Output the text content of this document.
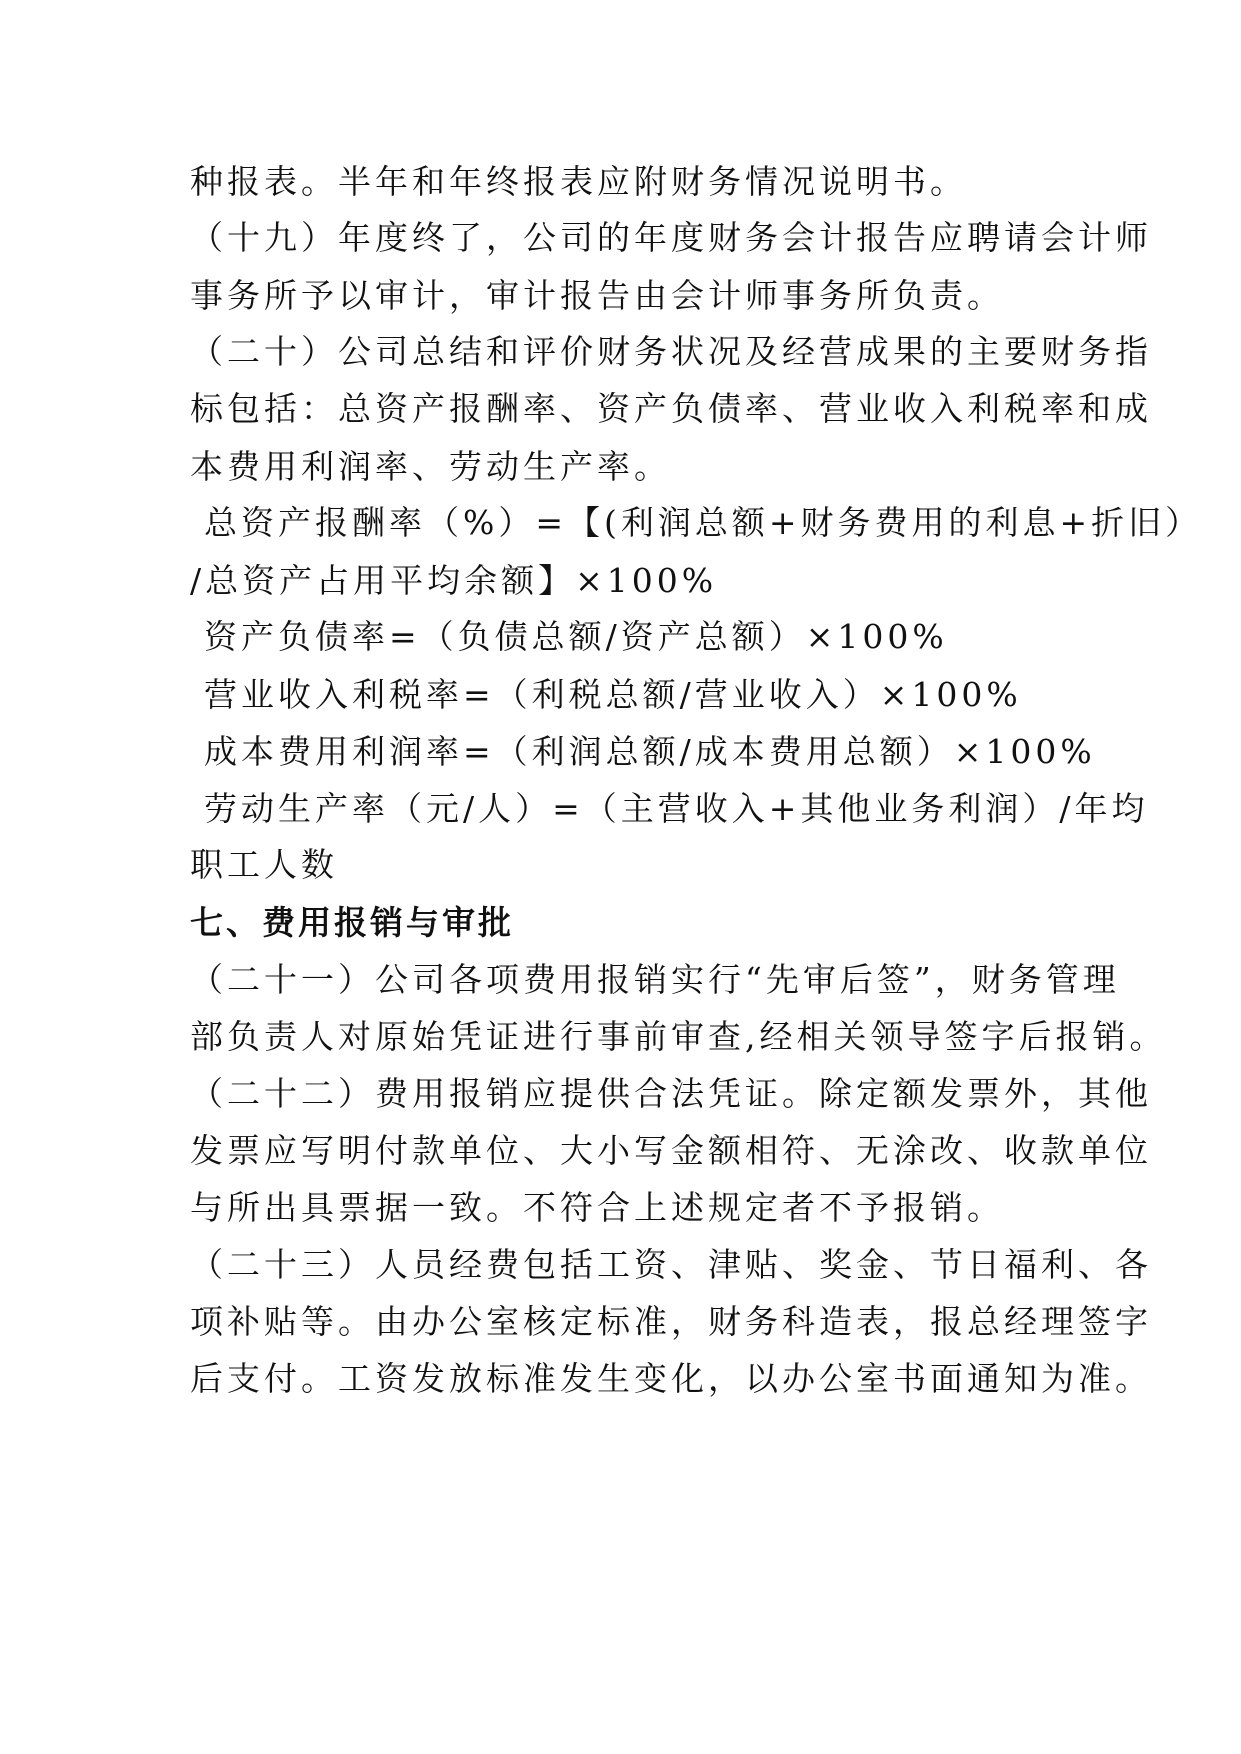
种报表。半年和年终报表应附财务情况说明书。
（十九）年度终了，公司的年度财务会计报告应聘请会计师
事务所予以审计，审计报告由会计师事务所负责。
（二十）公司总结和评价财务状况及经营成果的主要财务指
标包括：总资产报酬率、资产负债率、营业收入利税率和成
本费用利润率、劳动生产率。
总资产报酬率（%）=【(利润总额+财务费用的利息+折旧）
/总资产占用平均余额】×100%
资产负债率=（负债总额/资产总额）×100%
营业收入利税率=（利税总额/营业收入）×100%
成本费用利润率=（利润总额/成本费用总额）×100%
劳动生产率（元/人）=（主营收入+其他业务利润）/年均
职工人数
七、费用报销与审批
（二十一）公司各项费用报销实行“先审后签”，财务管理
部负责人对原始凭证进行事前审查,经相关领导签字后报销。
（二十二）费用报销应提供合法凭证。除定额发票外，其他
发票应写明付款单位、大小写金额相符、无涂改、收款单位
与所出具票据一致。不符合上述规定者不予报销。
（二十三）人员经费包括工资、津贴、奖金、节日福利、各
项补贴等。由办公室核定标准，财务科造表，报总经理签字
后支付。工资发放标准发生变化，以办公室书面通知为准。
